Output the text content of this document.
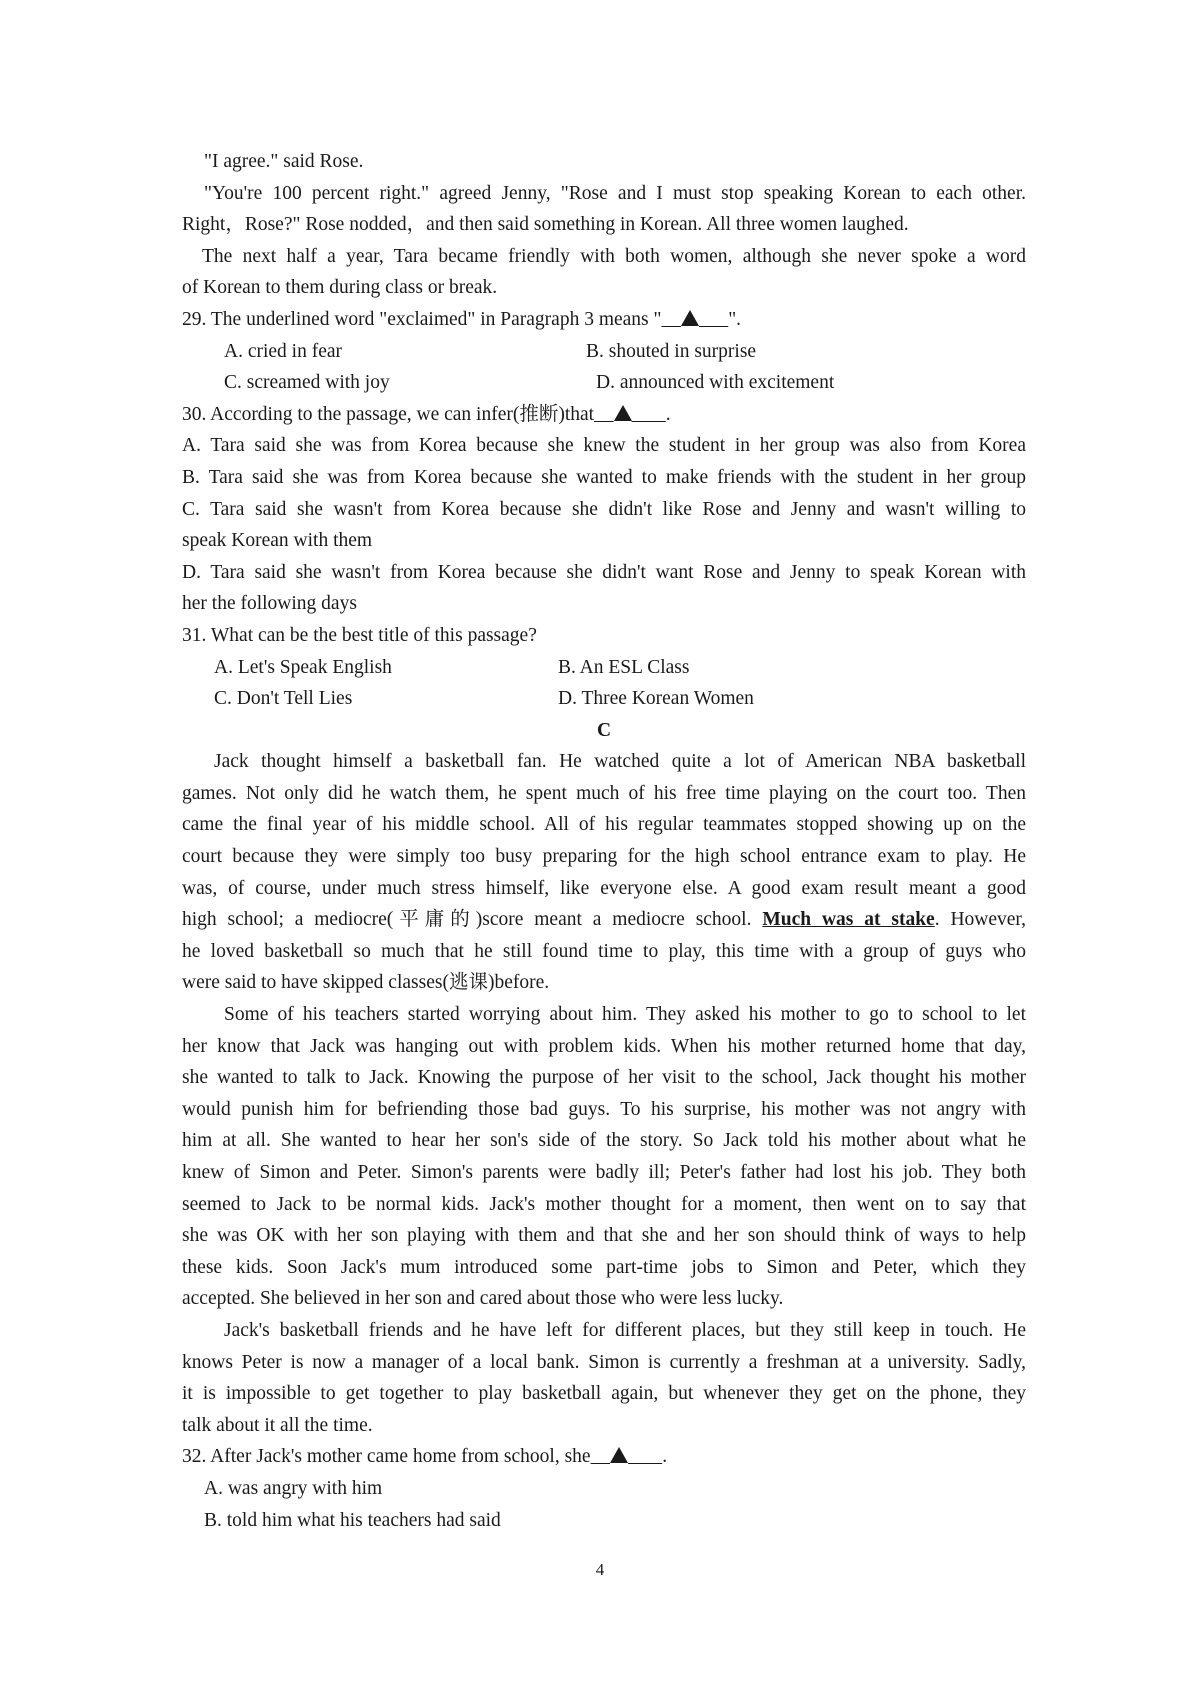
"I agree." said Rose.
"You're 100 percent right." agreed Jenny, "Rose and I must stop speaking Korean to each other.
Right，Rose?" Rose nodded，and then said something in Korean. All three women laughed.
The next half a year, Tara became friendly with both women, although she never spoke a word
of Korean to them during class or break.
29. The underlined word "exclaimed" in Paragraph 3 means "	".
A. cried in fear	B. shouted in surprise
C. screamed with joy	D. announced with excitement
30. According to the passage, we can infer(推断)that	.
A. Tara said she was from Korea because she knew the student in her group was also from Korea
B. Tara said she was from Korea because she wanted to make friends with the student in her group
C. Tara said she wasn't from Korea because she didn't like Rose and Jenny and wasn't willing to
speak Korean with them
D. Tara said she wasn't from Korea because she didn't want Rose and Jenny to speak Korean with
her the following days
31. What can be the best title of this passage?
A. Let's Speak English	B. An ESL Class
C. Don't Tell Lies	D. Three Korean Women
C
Jack thought himself a basketball fan. He watched quite a lot of American NBA basketball
games. Not only did he watch them, he spent much of his free time playing on the court too. Then
came the final year of his middle school. All of his regular teammates stopped showing up on the
court because they were simply too busy preparing for the high school entrance exam to play. He
was, of course, under much stress himself, like everyone else. A good exam result meant a good
high school; a mediocre(平庸的)score meant a mediocre school. Much was at stake. However,
he loved basketball so much that he still found time to play, this time with a group of guys who
were said to have skipped classes(逃课)before.
Some of his teachers started worrying about him. They asked his mother to go to school to let
her know that Jack was hanging out with problem kids. When his mother returned home that day,
she wanted to talk to Jack. Knowing the purpose of her visit to the school, Jack thought his mother
would punish him for befriending those bad guys. To his surprise, his mother was not angry with
him at all. She wanted to hear her son's side of the story. So Jack told his mother about what he
knew of Simon and Peter. Simon's parents were badly ill; Peter's father had lost his job. They both
seemed to Jack to be normal kids. Jack's mother thought for a moment, then went on to say that
she was OK with her son playing with them and that she and her son should think of ways to help
these kids. Soon Jack's mum introduced some part-time jobs to Simon and Peter, which they
accepted. She believed in her son and cared about those who were less lucky.
Jack's basketball friends and he have left for different places, but they still keep in touch. He
knows Peter is now a manager of a local bank. Simon is currently a freshman at a university. Sadly,
it is impossible to get together to play basketball again, but whenever they get on the phone, they
talk about it all the time.
32. After Jack's mother came home from school, she	.
A. was angry with him
B. told him what his teachers had said
4
